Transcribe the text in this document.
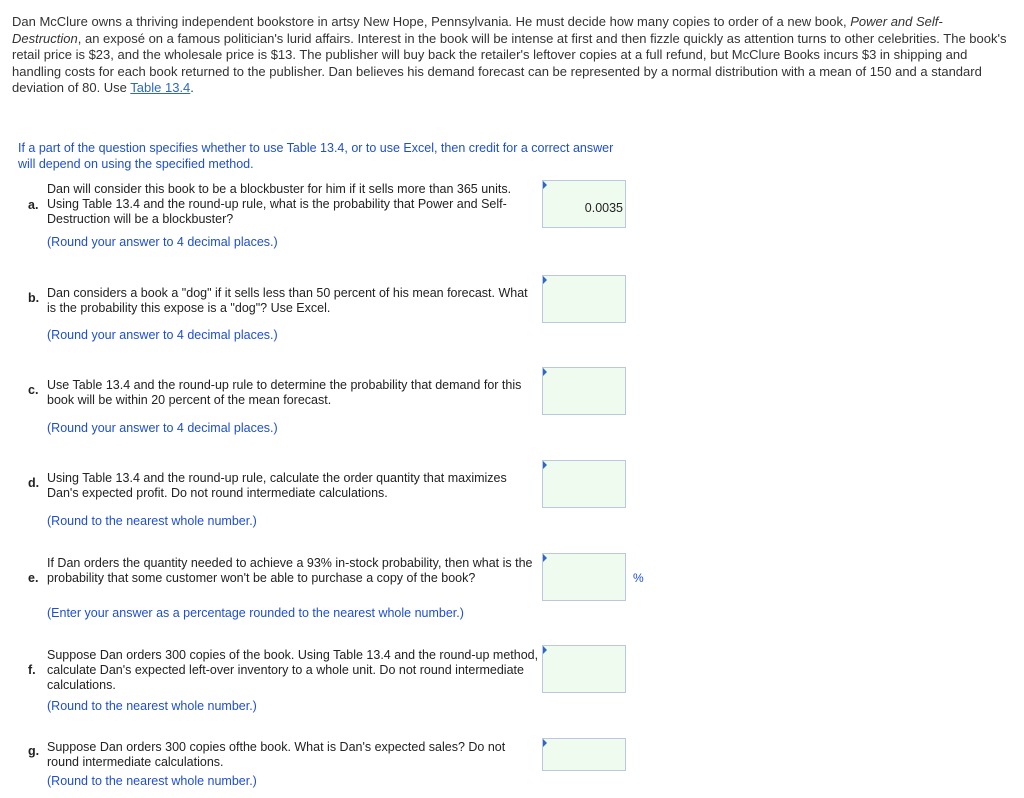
Dan McClure owns a thriving independent bookstore in artsy New Hope, Pennsylvania. He must decide how many copies to order of a new book, Power and Self-Destruction, an exposé on a famous politician's lurid affairs. Interest in the book will be intense at first and then fizzle quickly as attention turns to other celebrities. The book's retail price is $23, and the wholesale price is $13. The publisher will buy back the retailer's leftover copies at a full refund, but McClure Books incurs $3 in shipping and handling costs for each book returned to the publisher. Dan believes his demand forecast can be represented by a normal distribution with a mean of 150 and a standard deviation of 80. Use Table 13.4.

If a part of the question specifies whether to use Table 13.4, or to use Excel, then credit for a correct answer will depend on using the specified method.
a.
Dan will consider this book to be a blockbuster for him if it sells more than 365 units. Using Table 13.4 and the round-up rule, what is the probability that Power and Self-Destruction will be a blockbuster?
(Round your answer to 4 decimal places.)
0.0035
b. Dan considers a book a "dog" if it sells less than 50 percent of his mean forecast. What is the probability this expose is a "dog"? Use Excel.
(Round your answer to 4 decimal places.)
c. Use Table 13.4 and the round-up rule to determine the probability that demand for this book will be within 20 percent of the mean forecast.
(Round your answer to 4 decimal places.)
d. Using Table 13.4 and the round-up rule, calculate the order quantity that maximizes Dan's expected profit. Do not round intermediate calculations.
(Round to the nearest whole number.)
e.
If Dan orders the quantity needed to achieve a 93% in-stock probability, then what is the probability that some customer won't be able to purchase a copy of the book?
(Enter your answer as a percentage rounded to the nearest whole number.)
%
f.
Suppose Dan orders 300 copies of the book. Using Table 13.4 and the round-up method, calculate Dan's expected left-over inventory to a whole unit. Do not round intermediate calculations.
(Round to the nearest whole number.)
g. Suppose Dan orders 300 copies ofthe book. What is Dan's expected sales? Do not round intermediate calculations.
(Round to the nearest whole number.)
